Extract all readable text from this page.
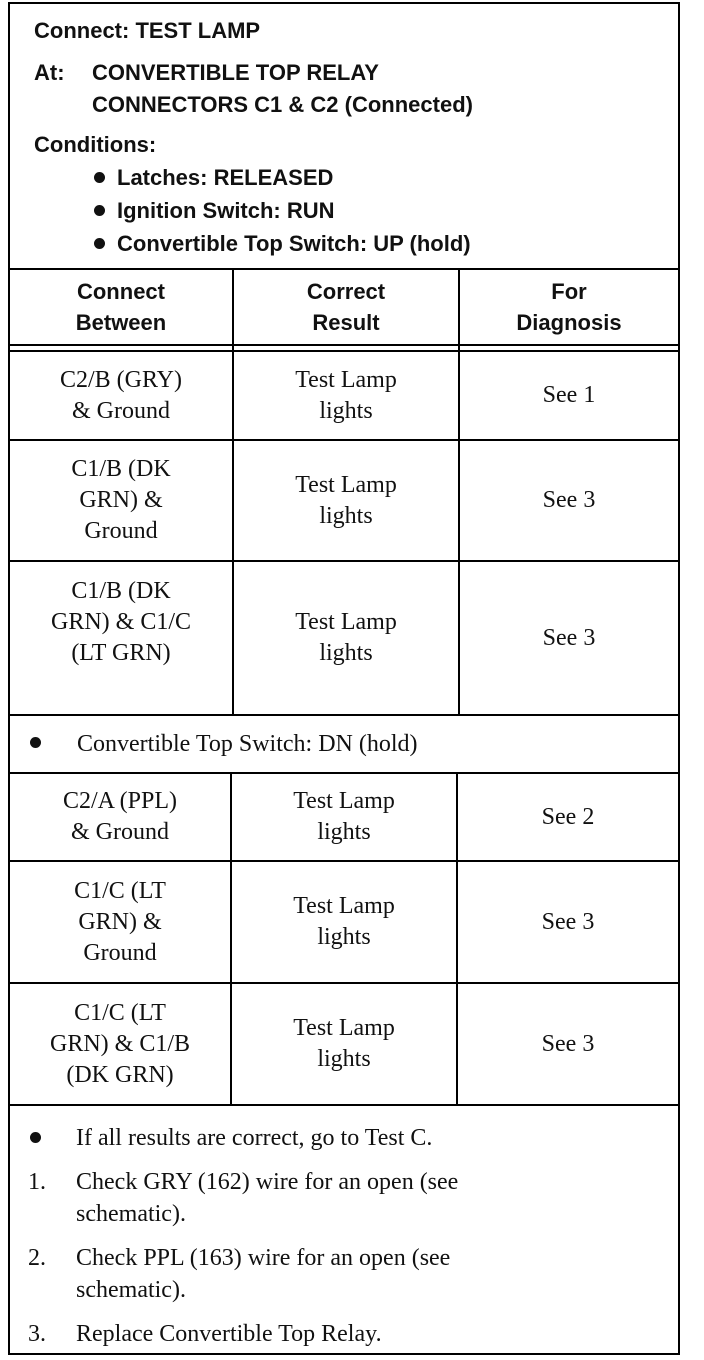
Connect: TEST LAMP
At: CONVERTIBLE TOP RELAY
CONNECTORS C1 & C2 (Connected)
Conditions:
Latches: RELEASED
Ignition Switch: RUN
Convertible Top Switch: UP (hold)
Connect
Between
Correct
Result
For
Diagnosis
C2/B (GRY)
& Ground
Test Lamp
lights
See 1
C1/B (DK
GRN) &
Ground
Test Lamp
lights
See 3
C1/B (DK
GRN) & C1/C
(LT GRN)
Test Lamp
lights
See 3
Convertible Top Switch: DN (hold)
C2/A (PPL)
& Ground
Test Lamp
lights
See 2
C1/C (LT
GRN) &
Ground
Test Lamp
lights
See 3
C1/C (LT
GRN) & C1/B
(DK GRN)
Test Lamp
lights
See 3
If all results are correct, go to Test C.
1. Check GRY (162) wire for an open (see
schematic).
2. Check PPL (163) wire for an open (see
schematic).
3. Replace Convertible Top Relay.
